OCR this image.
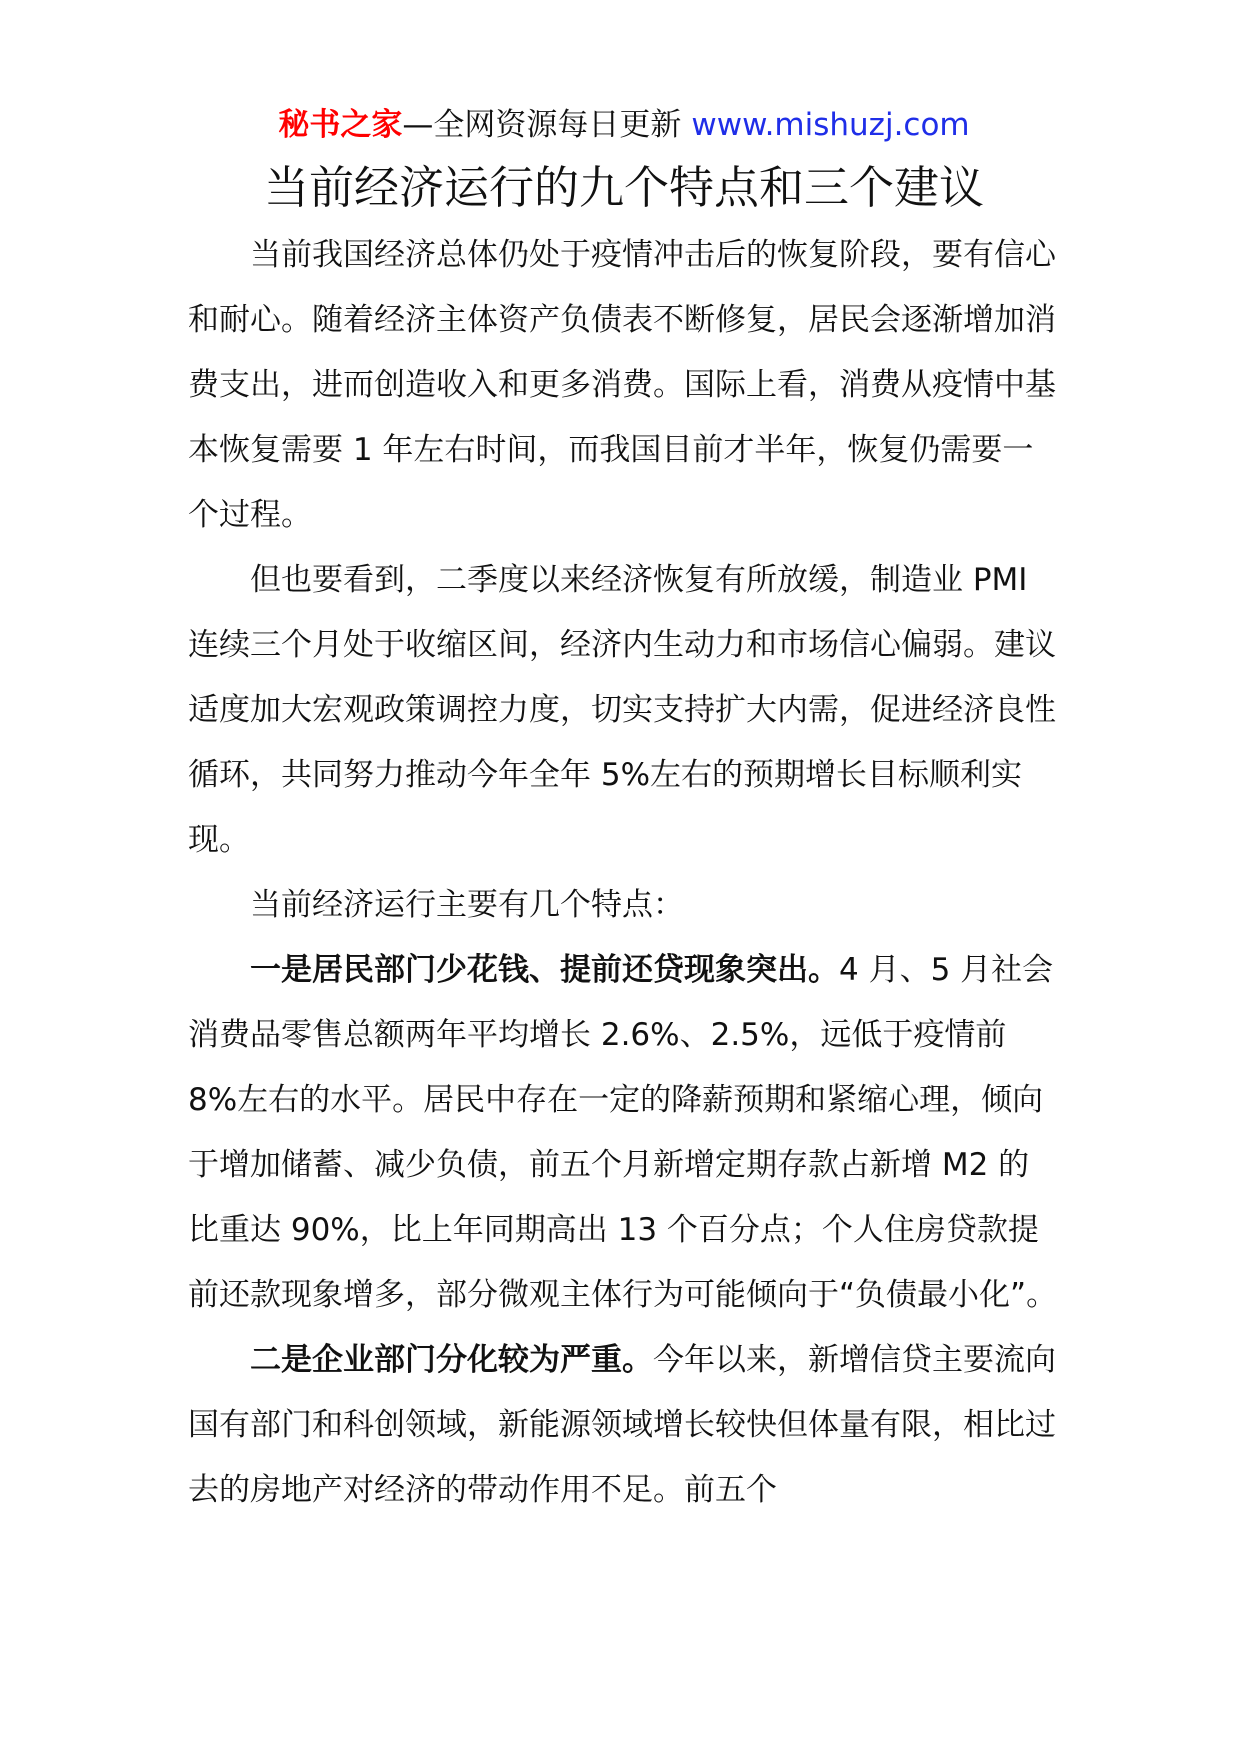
秘书之家—全网资源每日更新 www.mishuzj.com
当前经济运行的九个特点和三个建议

当前我国经济总体仍处于疫情冲击后的恢复阶段，要有信心和耐心。随着经济主体资产负债表不断修复，居民会逐渐增加消费支出，进而创造收入和更多消费。国际上看，消费从疫情中基本恢复需要 1 年左右时间，而我国目前才半年，恢复仍需要一个过程。

但也要看到，二季度以来经济恢复有所放缓，制造业 PMI 连续三个月处于收缩区间，经济内生动力和市场信心偏弱。建议适度加大宏观政策调控力度，切实支持扩大内需，促进经济良性循环，共同努力推动今年全年 5%左右的预期增长目标顺利实现。

当前经济运行主要有几个特点：

一是居民部门少花钱、提前还贷现象突出。4 月、5 月社会消费品零售总额两年平均增长 2.6%、2.5%，远低于疫情前 8%左右的水平。居民中存在一定的降薪预期和紧缩心理，倾向于增加储蓄、减少负债，前五个月新增定期存款占新增 M2 的比重达 90%，比上年同期高出 13 个百分点；个人住房贷款提前还款现象增多，部分微观主体行为可能倾向于“负债最小化”。

二是企业部门分化较为严重。今年以来，新增信贷主要流向国有部门和科创领域，新能源领域增长较快但体量有限，相比过去的房地产对经济的带动作用不足。前五个
